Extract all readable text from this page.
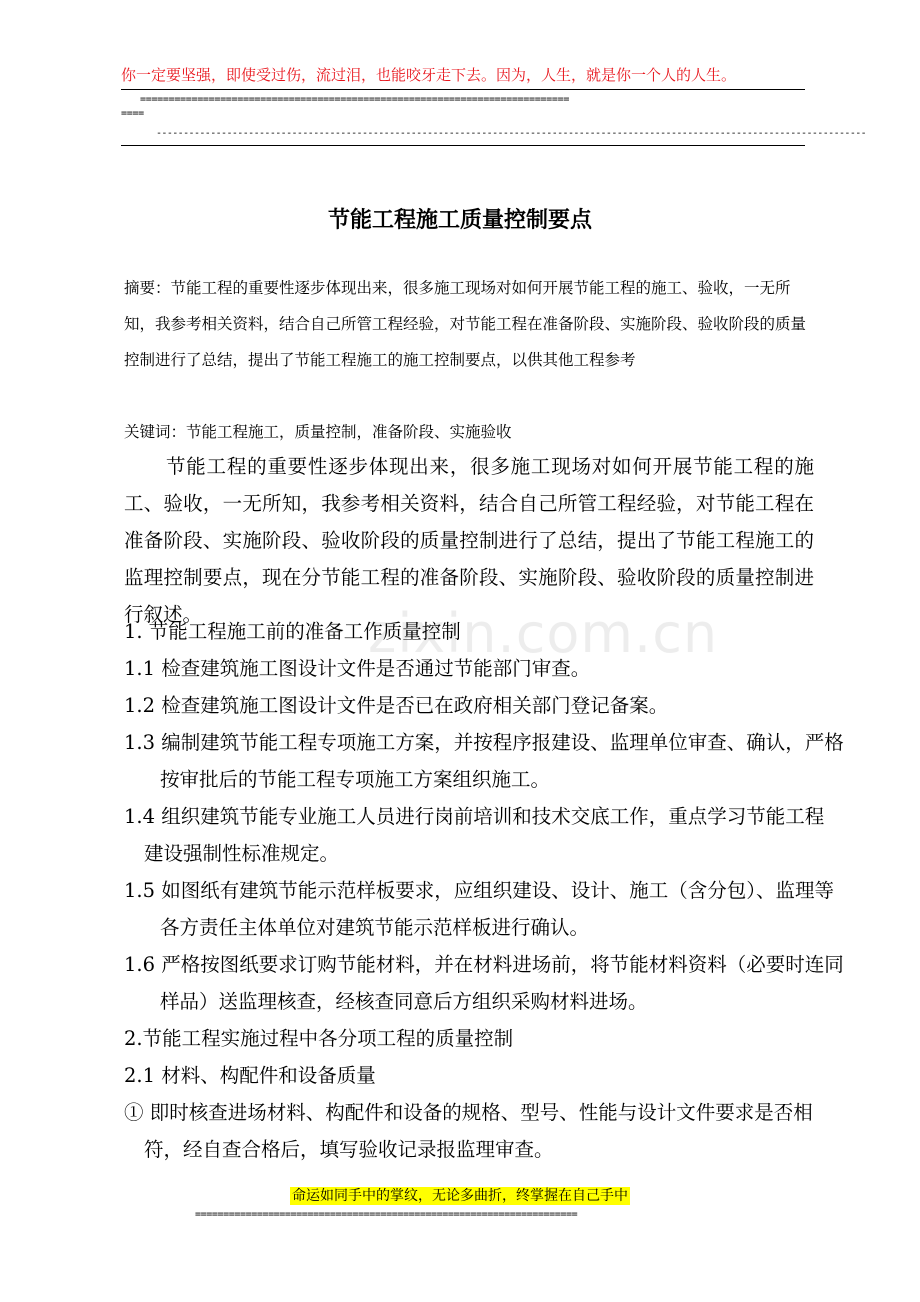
你一定要坚强，即使受过伤，流过泪，也能咬牙走下去。因为，人生，就是你一个人的人生。
===========================================================================
====
-----------------------------------------------------------------------------------------------------------------------------------
节能工程施工质量控制要点
摘要：节能工程的重要性逐步体现出来，很多施工现场对如何开展节能工程的施工、验收，一无所知，我参考相关资料，结合自己所管工程经验，对节能工程在准备阶段、实施阶段、验收阶段的质量控制进行了总结，提出了节能工程施工的施工控制要点，以供其他工程参考
关键词：节能工程施工，质量控制，准备阶段、实施验收
节能工程的重要性逐步体现出来，很多施工现场对如何开展节能工程的施工、验收，一无所知，我参考相关资料，结合自己所管工程经验，对节能工程在准备阶段、实施阶段、验收阶段的质量控制进行了总结，提出了节能工程施工的监理控制要点，现在分节能工程的准备阶段、实施阶段、验收阶段的质量控制进行叙述。	zixin.com.cn
1. 节能工程施工前的准备工作质量控制
1.1 检查建筑施工图设计文件是否通过节能部门审查。
1.2 检查建筑施工图设计文件是否已在政府相关部门登记备案。
1.3 编制建筑节能工程专项施工方案，并按程序报建设、监理单位审查、确认，严格按审批后的节能工程专项施工方案组织施工。
1.4 组织建筑节能专业施工人员进行岗前培训和技术交底工作，重点学习节能工程建设强制性标准规定。
1.5 如图纸有建筑节能示范样板要求，应组织建设、设计、施工（含分包）、监理等各方责任主体单位对建筑节能示范样板进行确认。
1.6 严格按图纸要求订购节能材料，并在材料进场前，将节能材料资料（必要时连同样品）送监理核查，经核查同意后方组织采购材料进场。
2.节能工程实施过程中各分项工程的质量控制
2.1 材料、构配件和设备质量
① 即时核查进场材料、构配件和设备的规格、型号、性能与设计文件要求是否相符，经自查合格后，填写验收记录报监理审查。
命运如同手中的掌纹，无论多曲折，终掌握在自己手中
====================================================================
